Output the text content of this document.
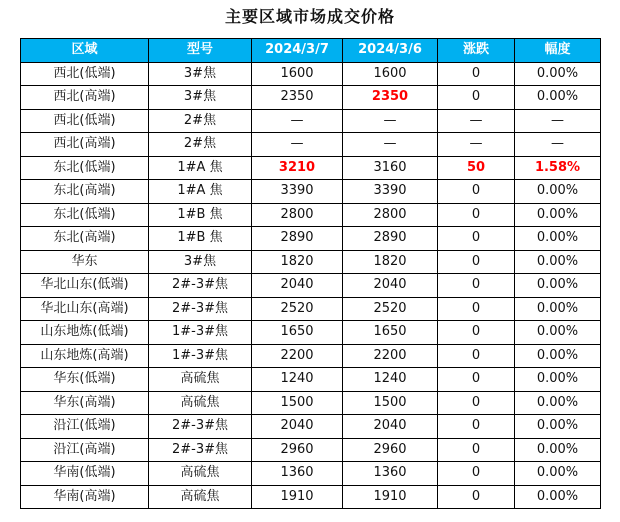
主要区域市场成交价格
区域	型号	2024/3/7	2024/3/6	涨跌	幅度
西北(低端)	3#焦	1600	1600	0	0.00%
西北(高端)	3#焦	2350	2350	0	0.00%
西北(低端)	2#焦	—	—	—	—
西北(高端)	2#焦	—	—	—	—
东北(低端)	1#A 焦	3210	3160	50	1.58%
东北(高端)	1#A 焦	3390	3390	0	0.00%
东北(低端)	1#B 焦	2800	2800	0	0.00%
东北(高端)	1#B 焦	2890	2890	0	0.00%
华东	3#焦	1820	1820	0	0.00%
华北山东(低端)	2#-3#焦	2040	2040	0	0.00%
华北山东(高端)	2#-3#焦	2520	2520	0	0.00%
山东地炼(低端)	1#-3#焦	1650	1650	0	0.00%
山东地炼(高端)	1#-3#焦	2200	2200	0	0.00%
华东(低端)	高硫焦	1240	1240	0	0.00%
华东(高端)	高硫焦	1500	1500	0	0.00%
沿江(低端)	2#-3#焦	2040	2040	0	0.00%
沿江(高端)	2#-3#焦	2960	2960	0	0.00%
华南(低端)	高硫焦	1360	1360	0	0.00%
华南(高端)	高硫焦	1910	1910	0	0.00%
